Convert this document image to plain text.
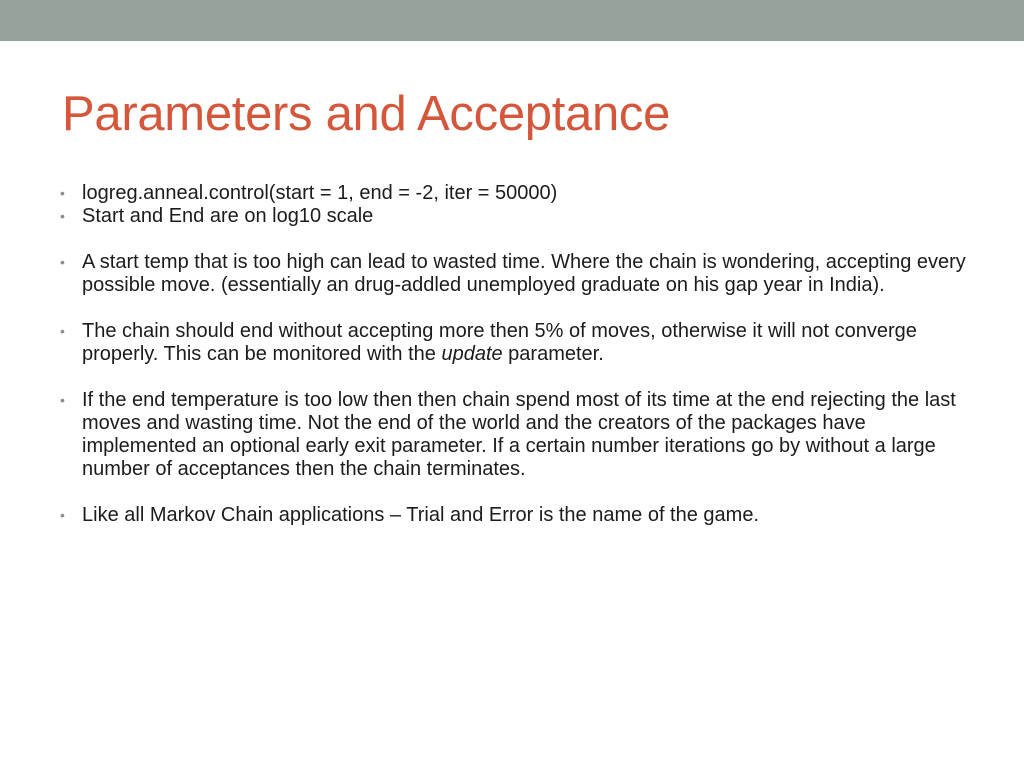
Parameters and Acceptance
• logreg.anneal.control(start = 1, end = -2, iter = 50000)
• Start and End are on log10 scale
• A start temp that is too high can lead to wasted time. Where the chain is wondering, accepting every possible move. (essentially an drug-addled unemployed graduate on his gap year in India).
• The chain should end without accepting more then 5% of moves, otherwise it will not converge properly. This can be monitored with the update parameter.
• If the end temperature is too low then then chain spend most of its time at the end rejecting the last moves and wasting time. Not the end of the world and the creators of the packages have implemented an optional early exit parameter. If a certain number iterations go by without a large number of acceptances then the chain terminates.
• Like all Markov Chain applications – Trial and Error is the name of the game.
